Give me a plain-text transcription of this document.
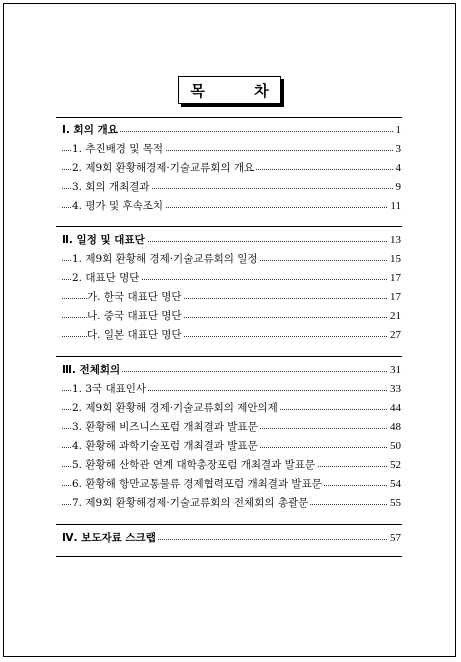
목 차
Ⅰ. 회의 개요	1
1. 추진배경 및 목적	3
2. 제9회 환황해경제·기술교류회의 개요	4
3. 회의 개최결과	9
4. 평가 및 후속조치	11
Ⅱ. 일정 및 대표단	13
1. 제9회 환황해 경제·기술교류회의 일정	15
2. 대표단 명단	17
가. 한국 대표단 명단	17
나. 중국 대표단 명단	21
다. 일본 대표단 명단	27
Ⅲ. 전체회의	31
1. 3국 대표인사	33
2. 제9회 환황해 경제·기술교류회의 제안의제	44
3. 환황해 비즈니스포럼 개최결과 발표문	48
4. 환황해 과학기술포럼 개최결과 발표문	50
5. 환황해 산학관 연계 대학총장포럼 개최결과 발표문	52
6. 환황해 항만교통물류 경제협력포럼 개최결과 발표문	54
7. 제9회 환황해경제·기술교류회의 전체회의 총괄문	55
Ⅳ. 보도자료 스크랩	57
